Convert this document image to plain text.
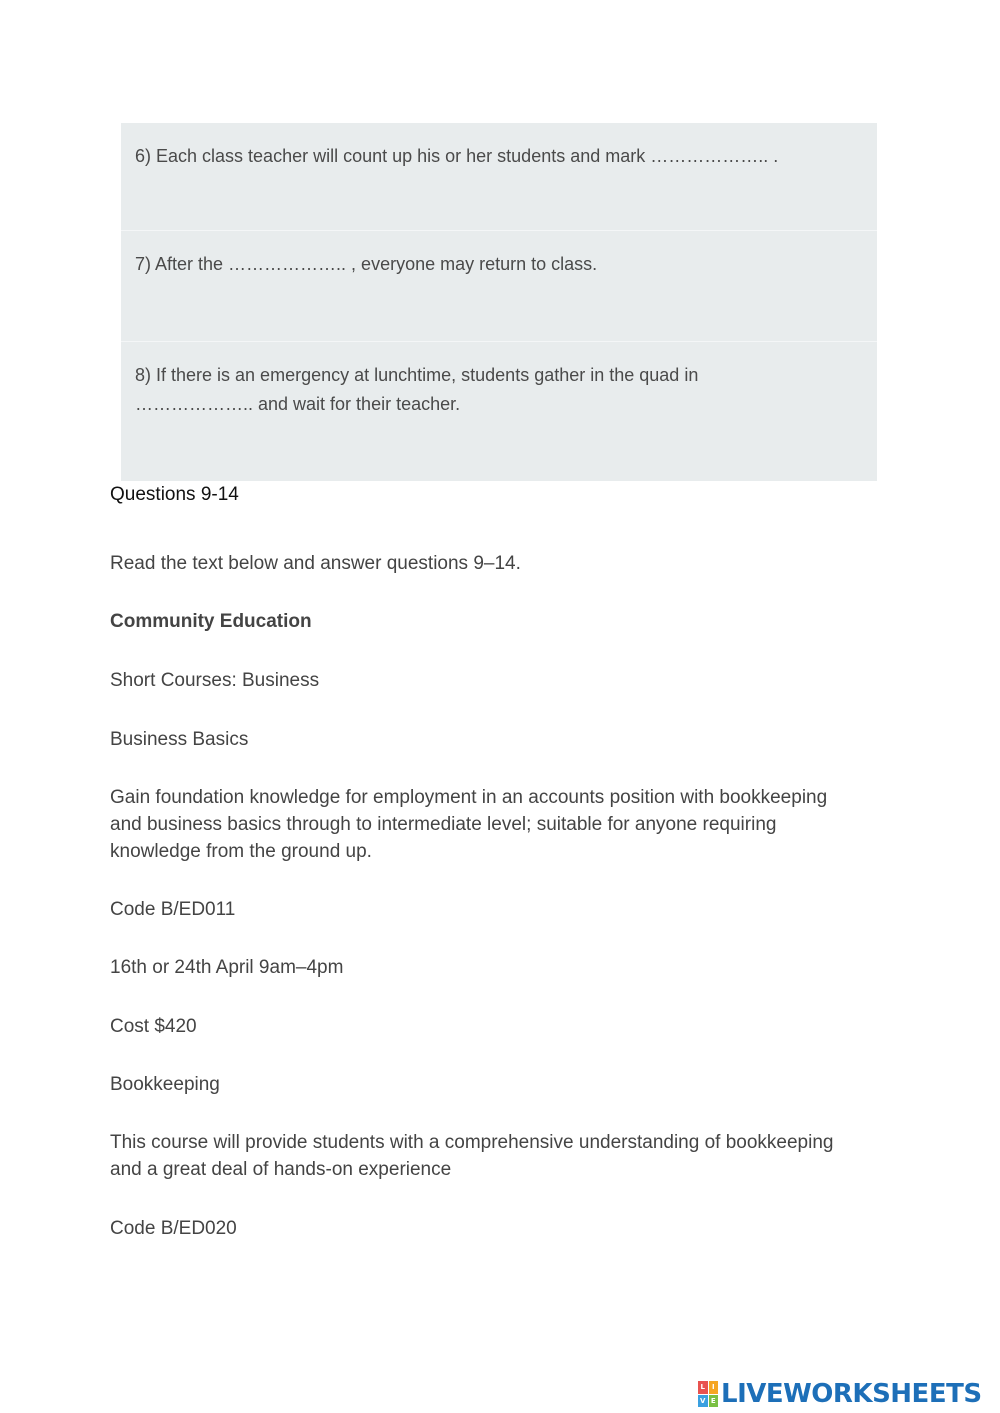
6) Each class teacher will count up his or her students and mark ……………….. .
7) After the ……………….. , everyone may return to class.
8) If there is an emergency at lunchtime, students gather in the quad in
……………….. and wait for their teacher.

Questions 9-14

Read the text below and answer questions 9–14.

Community Education

Short Courses: Business

Business Basics

Gain foundation knowledge for employment in an accounts position with bookkeeping
and business basics through to intermediate level; suitable for anyone requiring
knowledge from the ground up.

Code B/ED011

16th or 24th April 9am–4pm

Cost $420

Bookkeeping

This course will provide students with a comprehensive understanding of bookkeeping
and a great deal of hands-on experience

Code B/ED020

L I
V E LIVEWORKSHEETS
